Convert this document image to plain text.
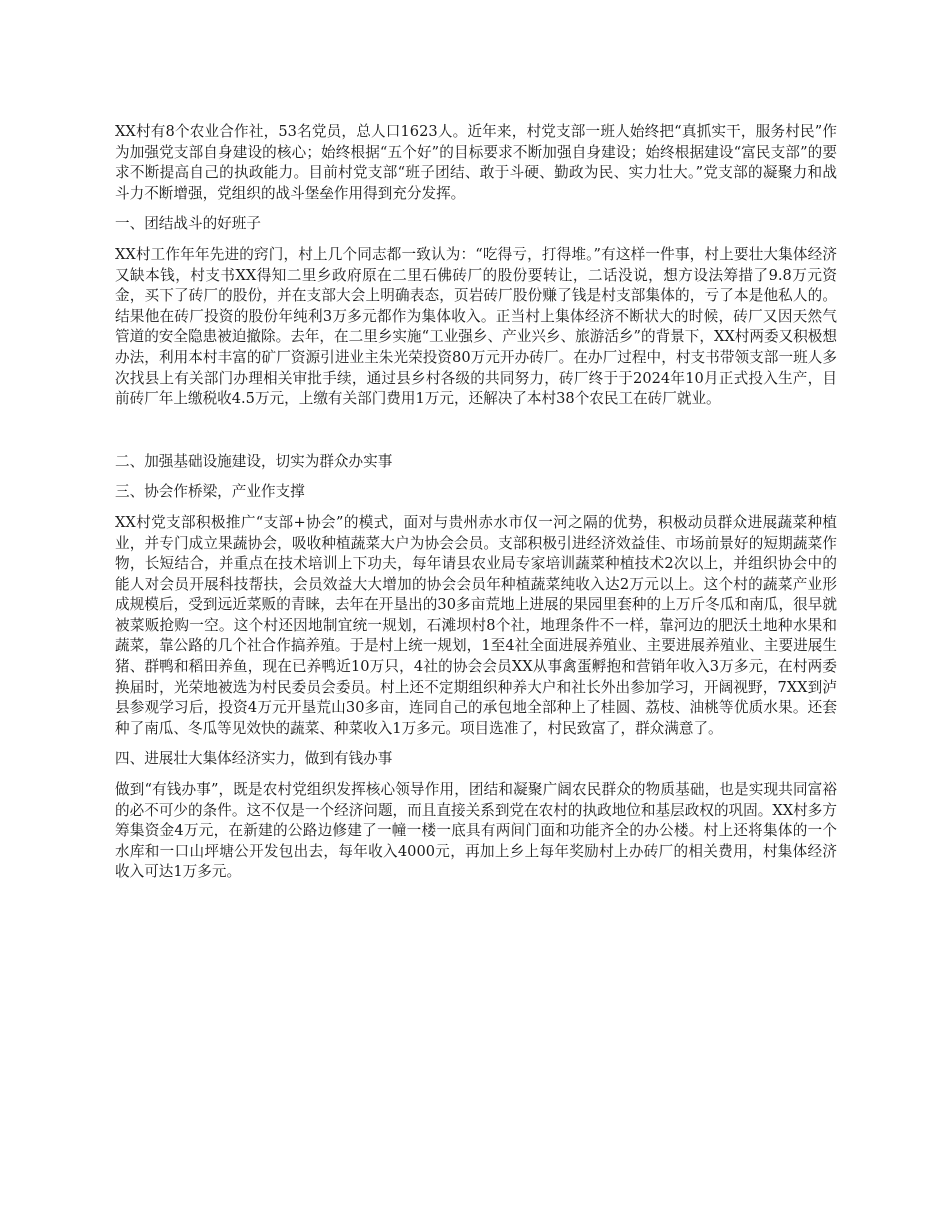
XX村有8个农业合作社，53名党员，总人口1623人。近年来，村党支部一班人始终把“真抓实干，服务村民”作为加强党支部自身建设的核心；始终根据“五个好”的目标要求不断加强自身建设；始终根据建设“富民支部”的要求不断提高自己的执政能力。目前村党支部“班子团结、敢于斗硬、勤政为民、实力壮大。”党支部的凝聚力和战斗力不断增强，党组织的战斗堡垒作用得到充分发挥。

一、团结战斗的好班子

XX村工作年年先进的窍门，村上几个同志都一致认为：“吃得亏，打得堆。”有这样一件事，村上要壮大集体经济又缺本钱，村支书XX得知二里乡政府原在二里石佛砖厂的股份要转让，二话没说，想方设法筹措了9.8万元资金，买下了砖厂的股份，并在支部大会上明确表态，页岩砖厂股份赚了钱是村支部集体的，亏了本是他私人的。结果他在砖厂投资的股份年纯利3万多元都作为集体收入。正当村上集体经济不断状大的时候，砖厂又因天然气管道的安全隐患被迫撤除。去年，在二里乡实施“工业强乡、产业兴乡、旅游活乡”的背景下，XX村两委又积极想办法，利用本村丰富的矿厂资源引进业主朱光荣投资80万元开办砖厂。在办厂过程中，村支书带领支部一班人多次找县上有关部门办理相关审批手续，通过县乡村各级的共同努力，砖厂终于于2024年10月正式投入生产，目前砖厂年上缴税收4.5万元，上缴有关部门费用1万元，还解决了本村38个农民工在砖厂就业。

二、加强基础设施建设，切实为群众办实事

三、协会作桥梁，产业作支撑

XX村党支部积极推广“支部+协会”的模式，面对与贵州赤水市仅一河之隔的优势，积极动员群众进展蔬菜种植业，并专门成立果蔬协会，吸收种植蔬菜大户为协会会员。支部积极引进经济效益佳、市场前景好的短期蔬菜作物，长短结合，并重点在技术培训上下功夫，每年请县农业局专家培训蔬菜种植技术2次以上，并组织协会中的能人对会员开展科技帮扶，会员效益大大增加的协会会员年种植蔬菜纯收入达2万元以上。这个村的蔬菜产业形成规模后，受到远近菜贩的青睐，去年在开垦出的30多亩荒地上进展的果园里套种的上万斤冬瓜和南瓜，很早就被菜贩抢购一空。这个村还因地制宜统一规划，石滩坝村8个社，地理条件不一样，靠河边的肥沃土地种水果和蔬菜，靠公路的几个社合作搞养殖。于是村上统一规划，1至4社全面进展养殖业、主要进展养殖业、主要进展生猪、群鸭和稻田养鱼，现在已养鸭近10万只，4社的协会会员XX从事禽蛋孵抱和营销年收入3万多元，在村两委换届时，光荣地被选为村民委员会委员。村上还不定期组织种养大户和社长外出参加学习，开阔视野，7XX到泸县参观学习后，投资4万元开垦荒山30多亩，连同自己的承包地全部种上了桂圆、荔枝、油桃等优质水果。还套种了南瓜、冬瓜等见效快的蔬菜、种菜收入1万多元。项目选准了，村民致富了，群众满意了。

四、进展壮大集体经济实力，做到有钱办事

做到“有钱办事”，既是农村党组织发挥核心领导作用，团结和凝聚广阔农民群众的物质基础，也是实现共同富裕的必不可少的条件。这不仅是一个经济问题，而且直接关系到党在农村的执政地位和基层政权的巩固。XX村多方筹集资金4万元，在新建的公路边修建了一幢一楼一底具有两间门面和功能齐全的办公楼。村上还将集体的一个水库和一口山坪塘公开发包出去，每年收入4000元，再加上乡上每年奖励村上办砖厂的相关费用，村集体经济收入可达1万多元。
